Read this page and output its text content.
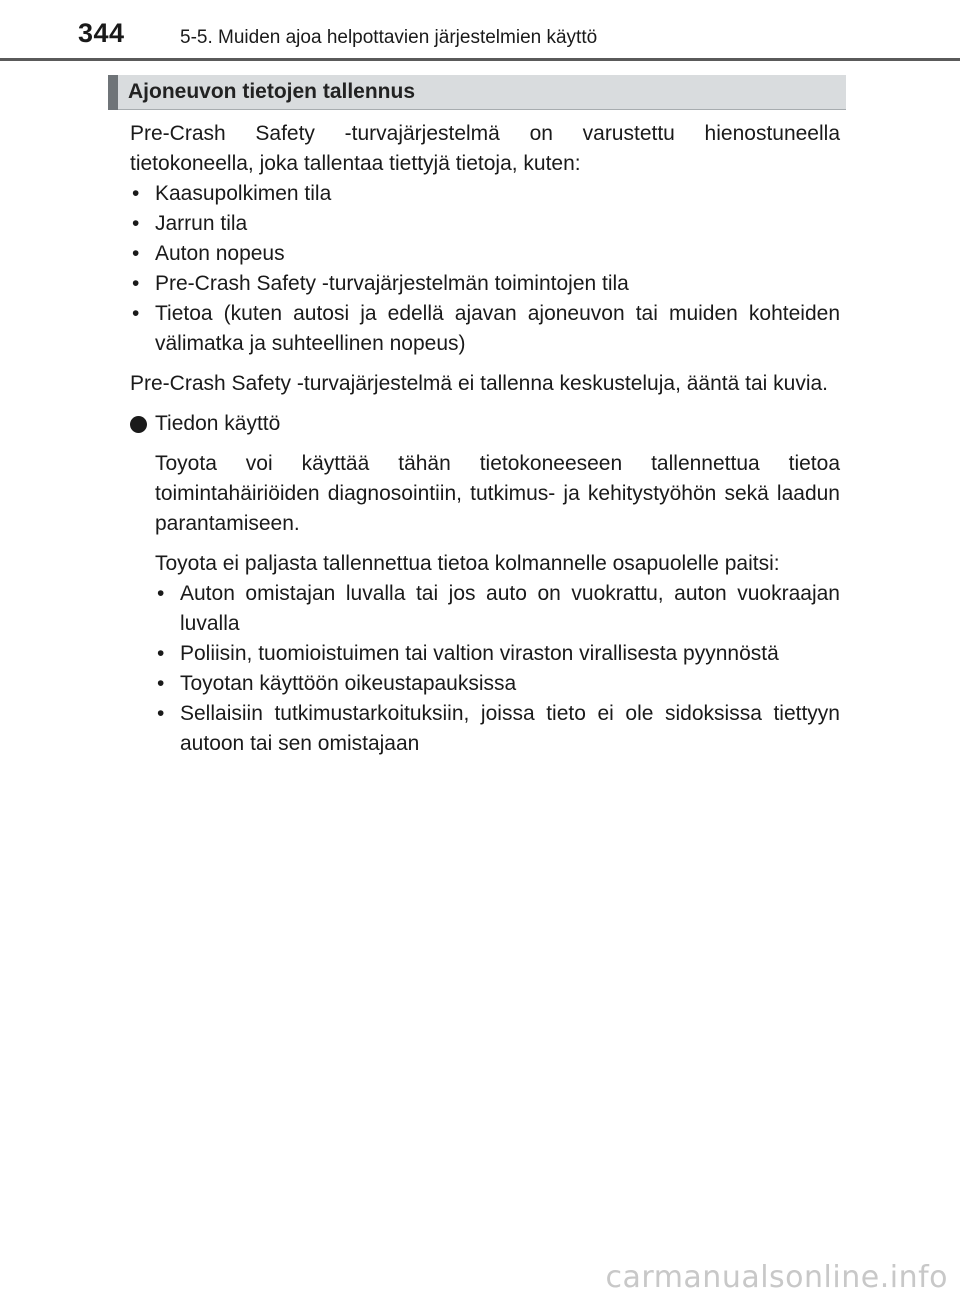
344	5-5. Muiden ajoa helpottavien järjestelmien käyttö
Ajoneuvon tietojen tallennus

Pre-Crash Safety -turvajärjestelmä on varustettu hienostuneella tietokoneella, joka tallentaa tiettyjä tietoja, kuten:

• Kaasupolkimen tila
• Jarrun tila
• Auton nopeus
• Pre-Crash Safety -turvajärjestelmän toimintojen tila
• Tietoa (kuten autosi ja edellä ajavan ajoneuvon tai muiden kohteiden välimatka ja suhteellinen nopeus)

Pre-Crash Safety -turvajärjestelmä ei tallenna keskusteluja, ääntä tai kuvia.

Tiedon käyttö

Toyota voi käyttää tähän tietokoneeseen tallennettua tietoa toimintahäiriöiden diagnosointiin, tutkimus- ja kehitystyöhön sekä laadun parantamiseen.

Toyota ei paljasta tallennettua tietoa kolmannelle osapuolelle paitsi:

• Auton omistajan luvalla tai jos auto on vuokrattu, auton vuokraajan luvalla
• Poliisin, tuomioistuimen tai valtion viraston virallisesta pyynnöstä
• Toyotan käyttöön oikeustapauksissa
• Sellaisiin tutkimustarkoituksiin, joissa tieto ei ole sidoksissa tiettyyn autoon tai sen omistajaan
carmanualsonline.info
